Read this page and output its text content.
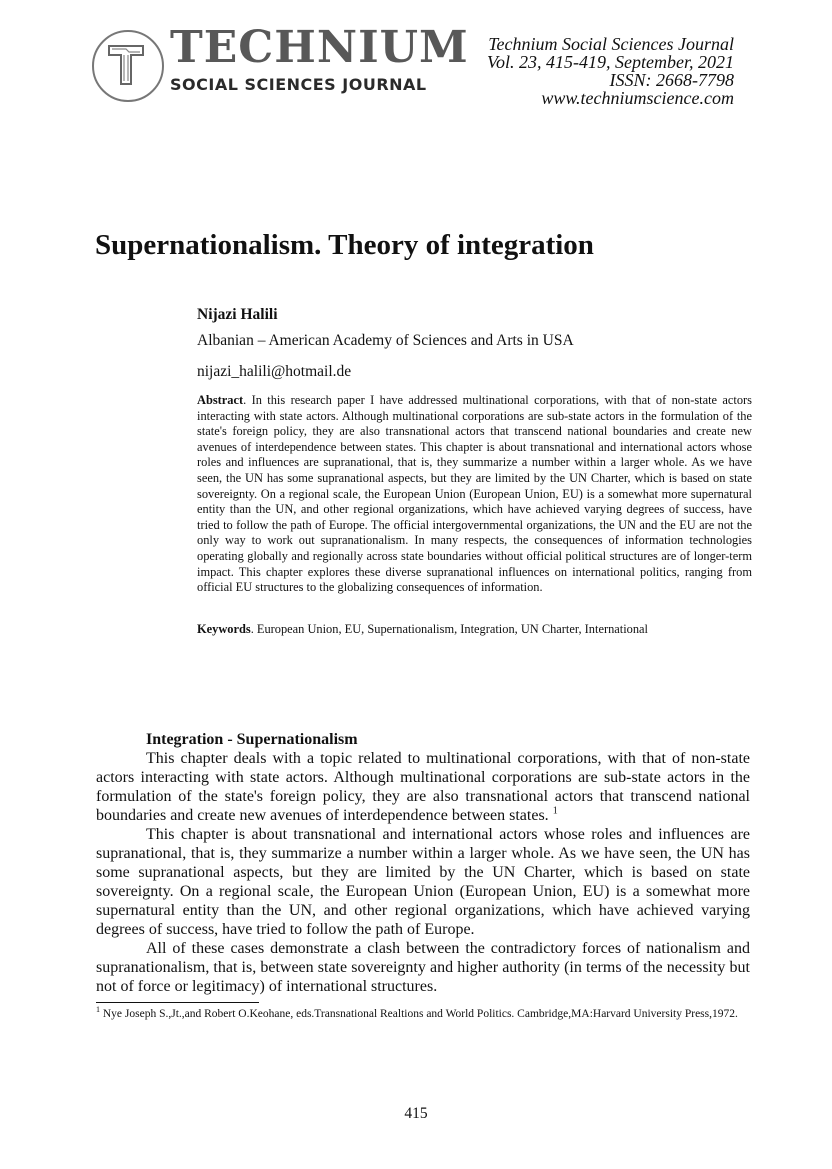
TECHNIUM
SOCIAL SCIENCES JOURNAL
Technium Social Sciences Journal
Vol. 23, 415-419, September, 2021
ISSN: 2668-7798
www.techniumscience.com
Supernationalism. Theory of integration
Nijazi Halili
Albanian – American Academy of Sciences and Arts in USA
nijazi_halili@hotmail.de
Abstract. In this research paper I have addressed multinational corporations, with that of non-state actors interacting with state actors. Although multinational corporations are sub-state actors in the formulation of the state's foreign policy, they are also transnational actors that transcend national boundaries and create new avenues of interdependence between states. This chapter is about transnational and international actors whose roles and influences are supranational, that is, they summarize a number within a larger whole. As we have seen, the UN has some supranational aspects, but they are limited by the UN Charter, which is based on state sovereignty. On a regional scale, the European Union (European Union, EU) is a somewhat more supernatural entity than the UN, and other regional organizations, which have achieved varying degrees of success, have tried to follow the path of Europe. The official intergovernmental organizations, the UN and the EU are not the only way to work out supranationalism. In many respects, the consequences of information technologies operating globally and regionally across state boundaries without official political structures are of longer-term impact. This chapter explores these diverse supranational influences on international politics, ranging from official EU structures to the globalizing consequences of information.
Keywords. European Union, EU, Supernationalism, Integration, UN Charter, International
Integration - Supernationalism

This chapter deals with a topic related to multinational corporations, with that of non-state actors interacting with state actors. Although multinational corporations are sub-state actors in the formulation of the state's foreign policy, they are also transnational actors that transcend national boundaries and create new avenues of interdependence between states. $^1$

This chapter is about transnational and international actors whose roles and influences are supranational, that is, they summarize a number within a larger whole. As we have seen, the UN has some supranational aspects, but they are limited by the UN Charter, which is based on state sovereignty. On a regional scale, the European Union (European Union, EU) is a somewhat more supernatural entity than the UN, and other regional organizations, which have achieved varying degrees of success, have tried to follow the path of Europe.

All of these cases demonstrate a clash between the contradictory forces of nationalism and supranationalism, that is, between state sovereignty and higher authority (in terms of the necessity but not of force or legitimacy) of international structures.

$^1$ Nye Joseph S.,Jt.,and Robert O.Keohane, eds.Transnational Realtions and World Politics. Cambridge,MA:Harvard University Press,1972.
415
